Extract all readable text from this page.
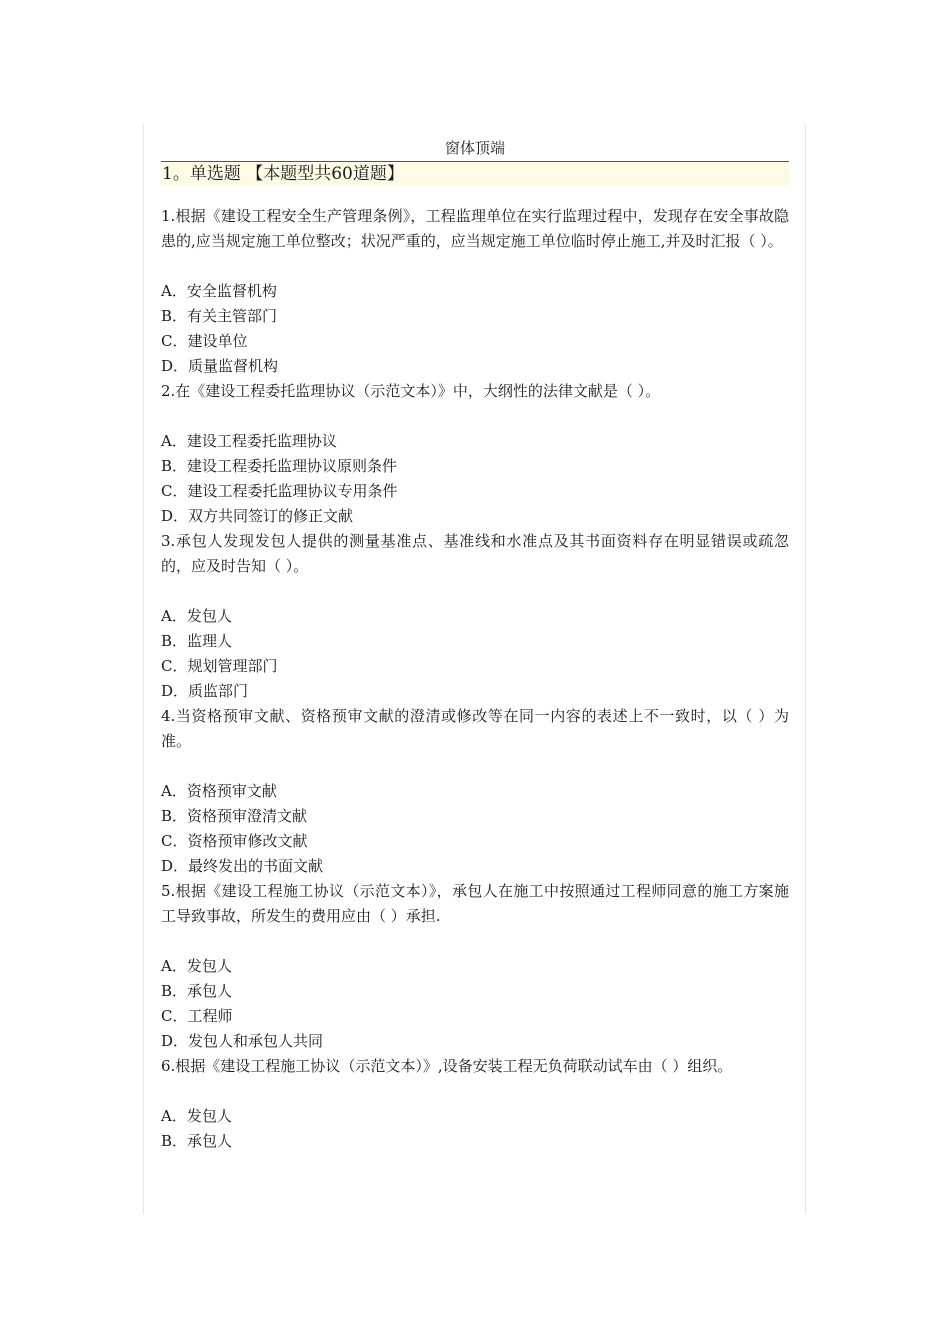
窗体顶端
1。单选题 【本题型共60道题】
1.根据《建设工程安全生产管理条例》，工程监理单位在实行监理过程中，发现存在安全事故隐患的,应当规定施工单位整改；状况严重的，应当规定施工单位临时停止施工,并及时汇报（ ）。
A．安全监督机构
B．有关主管部门
C．建设单位
D．质量监督机构
2.在《建设工程委托监理协议（示范文本）》中，大纲性的法律文献是（ ）。
A．建设工程委托监理协议
B．建设工程委托监理协议原则条件
C．建设工程委托监理协议专用条件
D．双方共同签订的修正文献
3.承包人发现发包人提供的测量基准点、基准线和水准点及其书面资料存在明显错误或疏忽的，应及时告知（ ）。
A．发包人
B．监理人
C．规划管理部门
D．质监部门
4.当资格预审文献、资格预审文献的澄清或修改等在同一内容的表述上不一致时，以（ ）为准。
A．资格预审文献
B．资格预审澄清文献
C．资格预审修改文献
D．最终发出的书面文献
5.根据《建设工程施工协议（示范文本）》，承包人在施工中按照通过工程师同意的施工方案施工导致事故，所发生的费用应由（ ）承担.
A．发包人
B．承包人
C．工程师
D．发包人和承包人共同
6.根据《建设工程施工协议（示范文本）》,设备安装工程无负荷联动试车由（ ）组织。
A．发包人
B．承包人
